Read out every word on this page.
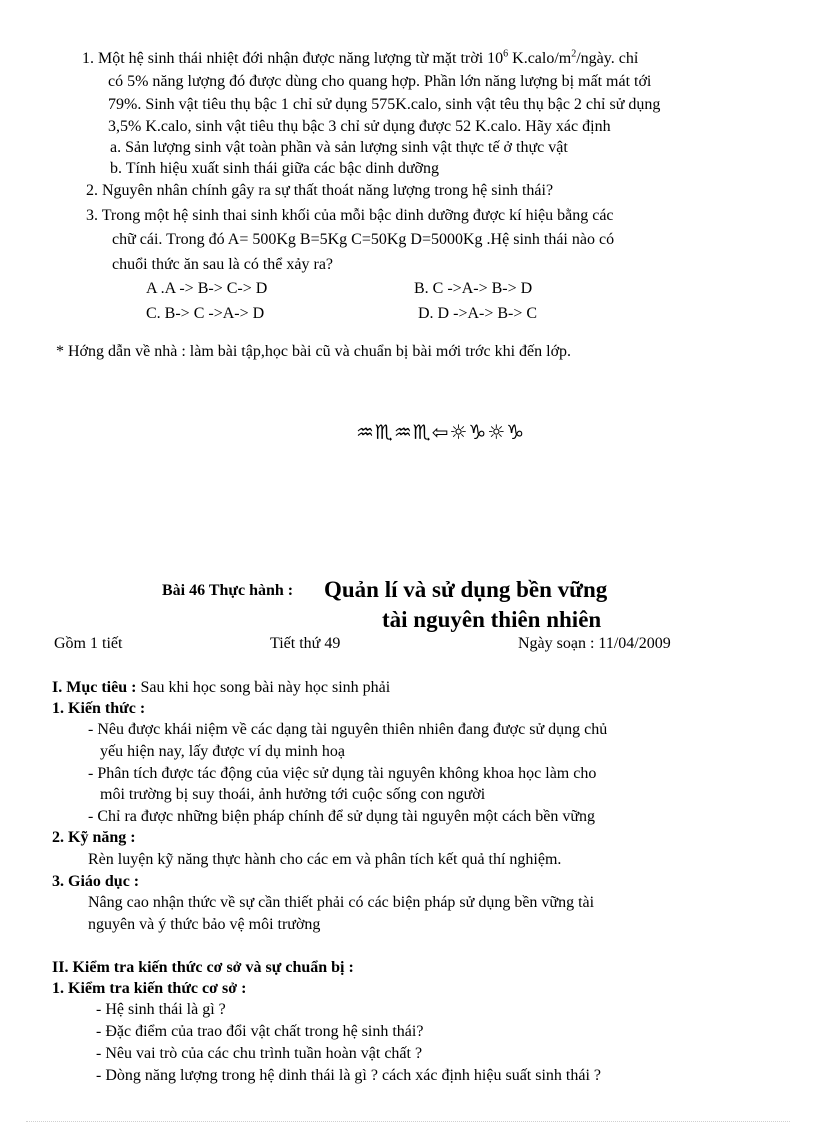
1. Một hệ sinh thái nhiệt đới nhận được năng lượng từ mặt trời $10^6$ $K.calo/m^2$/ngày. chỉ
có 5% năng lượng đó được dùng cho quang hợp. Phần lớn năng lượng bị mất mát tới
79%. Sinh vật tiêu thụ bậc 1 chỉ sử dụng 575K.calo, sinh vật têu thụ bậc 2 chỉ sử dụng
3,5% K.calo, sinh vật tiêu thụ bậc 3 chỉ sử dụng được 52 K.calo. Hãy xác định
a. Sản lượng sinh vật toàn phần và sản lượng sinh vật thực tế ở thực vật
b. Tính hiệu xuất sinh thái giữa các bậc dinh dưỡng
2. Nguyên nhân chính gây ra sự thất thoát năng lượng trong hệ sinh thái?
3. Trong một hệ sinh thai sinh khối của mỗi bậc dinh dưỡng được kí hiệu bằng các
chữ cái. Trong đó A= 500Kg B=5Kg C=50Kg D=5000Kg .Hệ sinh thái nào có
chuổi thức ăn sau là có thể xảy ra?
A .A -> B-> C-> D	B. C ->A-> B-> D
C. B-> C ->A-> D	D. D ->A-> B-> C
* Hớng dẫn về nhà : làm bài tập,học bài cũ và chuẩn bị bài mới trớc khi đến lớp.
♒♏♒♏⇦☼♑☼♑
Bài 46 Thực hành : Quản lí và sử dụng bền vững
tài nguyên thiên nhiên
Gồm 1 tiết	Tiết thứ 49	Ngày soạn : 11/04/2009
I. Mục tiêu : Sau khi học song bài này học sinh phải
1. Kiến thức :
- Nêu được khái niệm về các dạng tài nguyên thiên nhiên đang được sử dụng chủ
yếu hiện nay, lấy được ví dụ minh hoạ
- Phân tích được tác động của việc sử dụng tài nguyên không khoa học làm cho
môi trường bị suy thoái, ảnh hưởng tới cuộc sống con người
- Chỉ ra được những biện pháp chính để sử dụng tài nguyên một cách bền vững
2. Kỹ năng :
Rèn luyện kỹ năng thực hành cho các em và phân tích kết quả thí nghiệm.
3. Giáo dục :
Nâng cao nhận thức về sự cần thiết phải có các biện pháp sử dụng bền vững tài
nguyên và ý thức bảo vệ môi trường
II. Kiểm tra kiến thức cơ sở và sự chuẩn bị :
1. Kiểm tra kiến thức cơ sở :
- Hệ sinh thái là gì ?
- Đặc điểm của trao đổi vật chất trong hệ sinh thái?
- Nêu vai trò của các chu trình tuần hoàn vật chất ?
- Dòng năng lượng trong hệ dinh thái là gì ? cách xác định hiệu suất sinh thái ?
